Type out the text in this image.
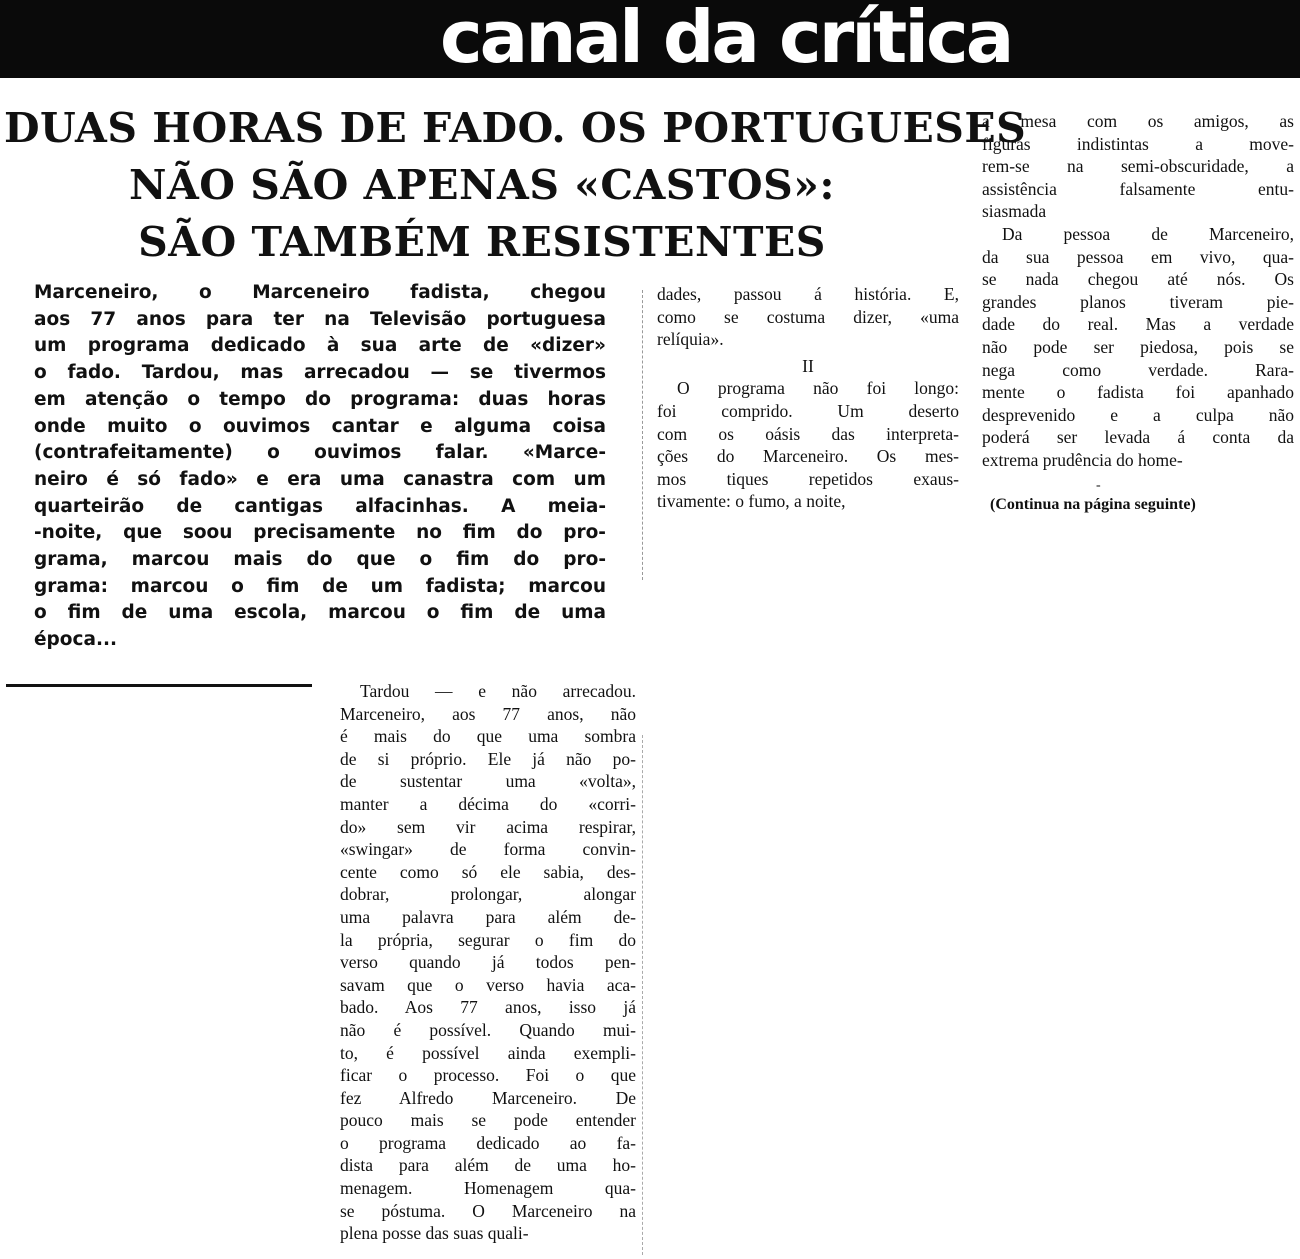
canal da crítica
DUAS HORAS DE FADO. OS PORTUGUESES
NÃO SÃO APENAS «CASTOS»:
SÃO TAMBÉM RESISTENTES
Marceneiro, o Marceneiro fadista, chegou
aos 77 anos para ter na Televisão portuguesa
um programa dedicado à sua arte de «dizer»
o fado. Tardou, mas arrecadou — se tivermos
em atenção o tempo do programa: duas horas
onde muito o ouvimos cantar e alguma coisa
(contrafeitamente) o ouvimos falar. «Marce-
neiro é só fado» e era uma canastra com um
quarteirão de cantigas alfacinhas. A meia-
-noite, que soou precisamente no fim do pro-
grama, marcou mais do que o fim do pro-
grama: marcou o fim de um fadista; marcou
o fim de uma escola, marcou o fim de uma
época...
dades, passou á história. E,
como se costuma dizer, «uma
relíquia».
II
O programa não foi longo:
foi comprido. Um deserto
com os oásis das interpreta-
ções do Marceneiro. Os mes-
mos tiques repetidos exaus-
tivamente: o fumo, a noite,
a mesa com os amigos, as
figuras indistintas a move-
rem-se na semi-obscuridade, a
assistência falsamente entu-
siasmada
Da pessoa de Marceneiro,
da sua pessoa em vivo, qua-
se nada chegou até nós. Os
grandes planos tiveram pie-
dade do real. Mas a verdade
não pode ser piedosa, pois se
nega como verdade. Rara-
mente o fadista foi apanhado
desprevenido e a culpa não
poderá ser levada á conta da
extrema prudência do home-
-
(Continua na página seguinte)
Tardou — e não arrecadou.
Marceneiro, aos 77 anos, não
é mais do que uma sombra
de si próprio. Ele já não po-
de sustentar uma «volta»,
manter a décima do «corri-
do» sem vir acima respirar,
«swingar» de forma convin-
cente como só ele sabia, des-
dobrar, prolongar, alongar
uma palavra para além de-
la própria, segurar o fim do
verso quando já todos pen-
savam que o verso havia aca-
bado. Aos 77 anos, isso já
não é possível. Quando mui-
to, é possível ainda exempli-
ficar o processo. Foi o que
fez Alfredo Marceneiro. De
pouco mais se pode entender
o programa dedicado ao fa-
dista para além de uma ho-
menagem. Homenagem qua-
se póstuma. O Marceneiro na
plena posse das suas quali-
